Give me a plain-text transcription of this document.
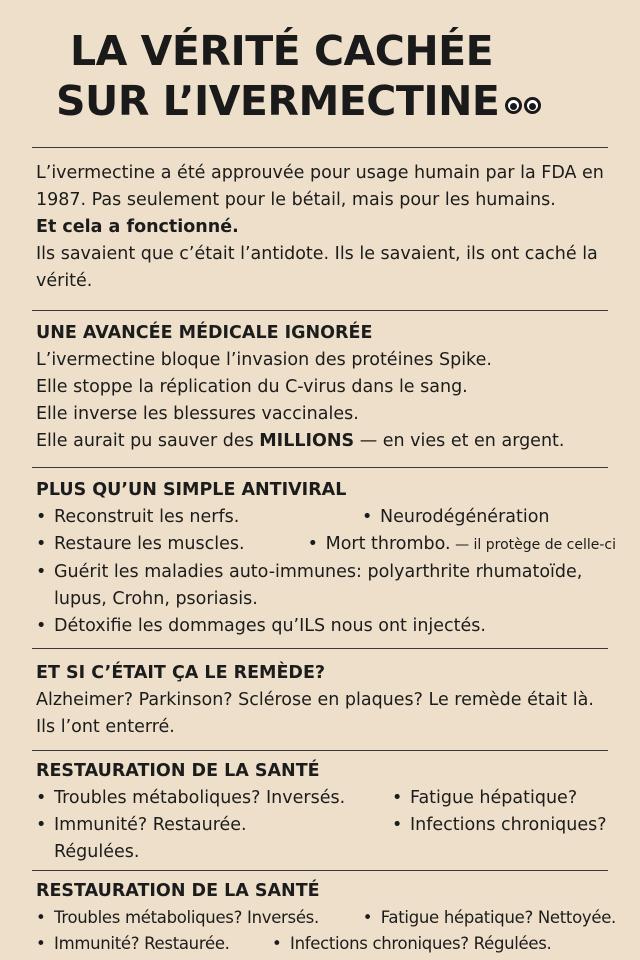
LA VÉRITÉ CACHÉE
SUR L’IVERMECTINE

L’ivermectine a été approuvée pour usage humain par la FDA en 1987. Pas seulement pour le bétail, mais pour les humains.

Et cela a fonctionné.

Ils savaient que c’était l’antidote. Ils le savaient, ils ont caché la vérité.

UNE AVANCÉE MÉDICALE IGNORÉE

L’ivermectine bloque l’invasion des protéines Spike.

Elle stoppe la réplication du C-virus dans le sang.

Elle inverse les blessures vaccinales.

Elle aurait pu sauver des MILLIONS — en vies et en argent.

PLUS QU’UN SIMPLE ANTIVIRAL

• Reconstruit les nerfs.	• Neurodégénération
• Restaure les muscles.	• Mort thrombo. — il protège de celle-ci
• Guérit les maladies auto-immunes: polyarthrite rhumatoïde, lupus, Crohn, psoriasis.
• Détoxifie les dommages qu’ILS nous ont injectés.

ET SI C’ÉTAIT ÇA LE REMÈDE?

Alzheimer? Parkinson? Sclérose en plaques? Le remède était là. Ils l’ont enterré.

RESTAURATION DE LA SANTÉ

• Troubles métaboliques? Inversés.	• Fatigue hépatique?
• Immunité? Restaurée.	• Infections chroniques?

Régulées.

RESTAURATION DE LA SANTÉ

• Troubles métaboliques? Inversés.	• Fatigue hépatique? Nettoyée.
• Immunité? Restaurée.	• Infections chroniques? Régulées.
